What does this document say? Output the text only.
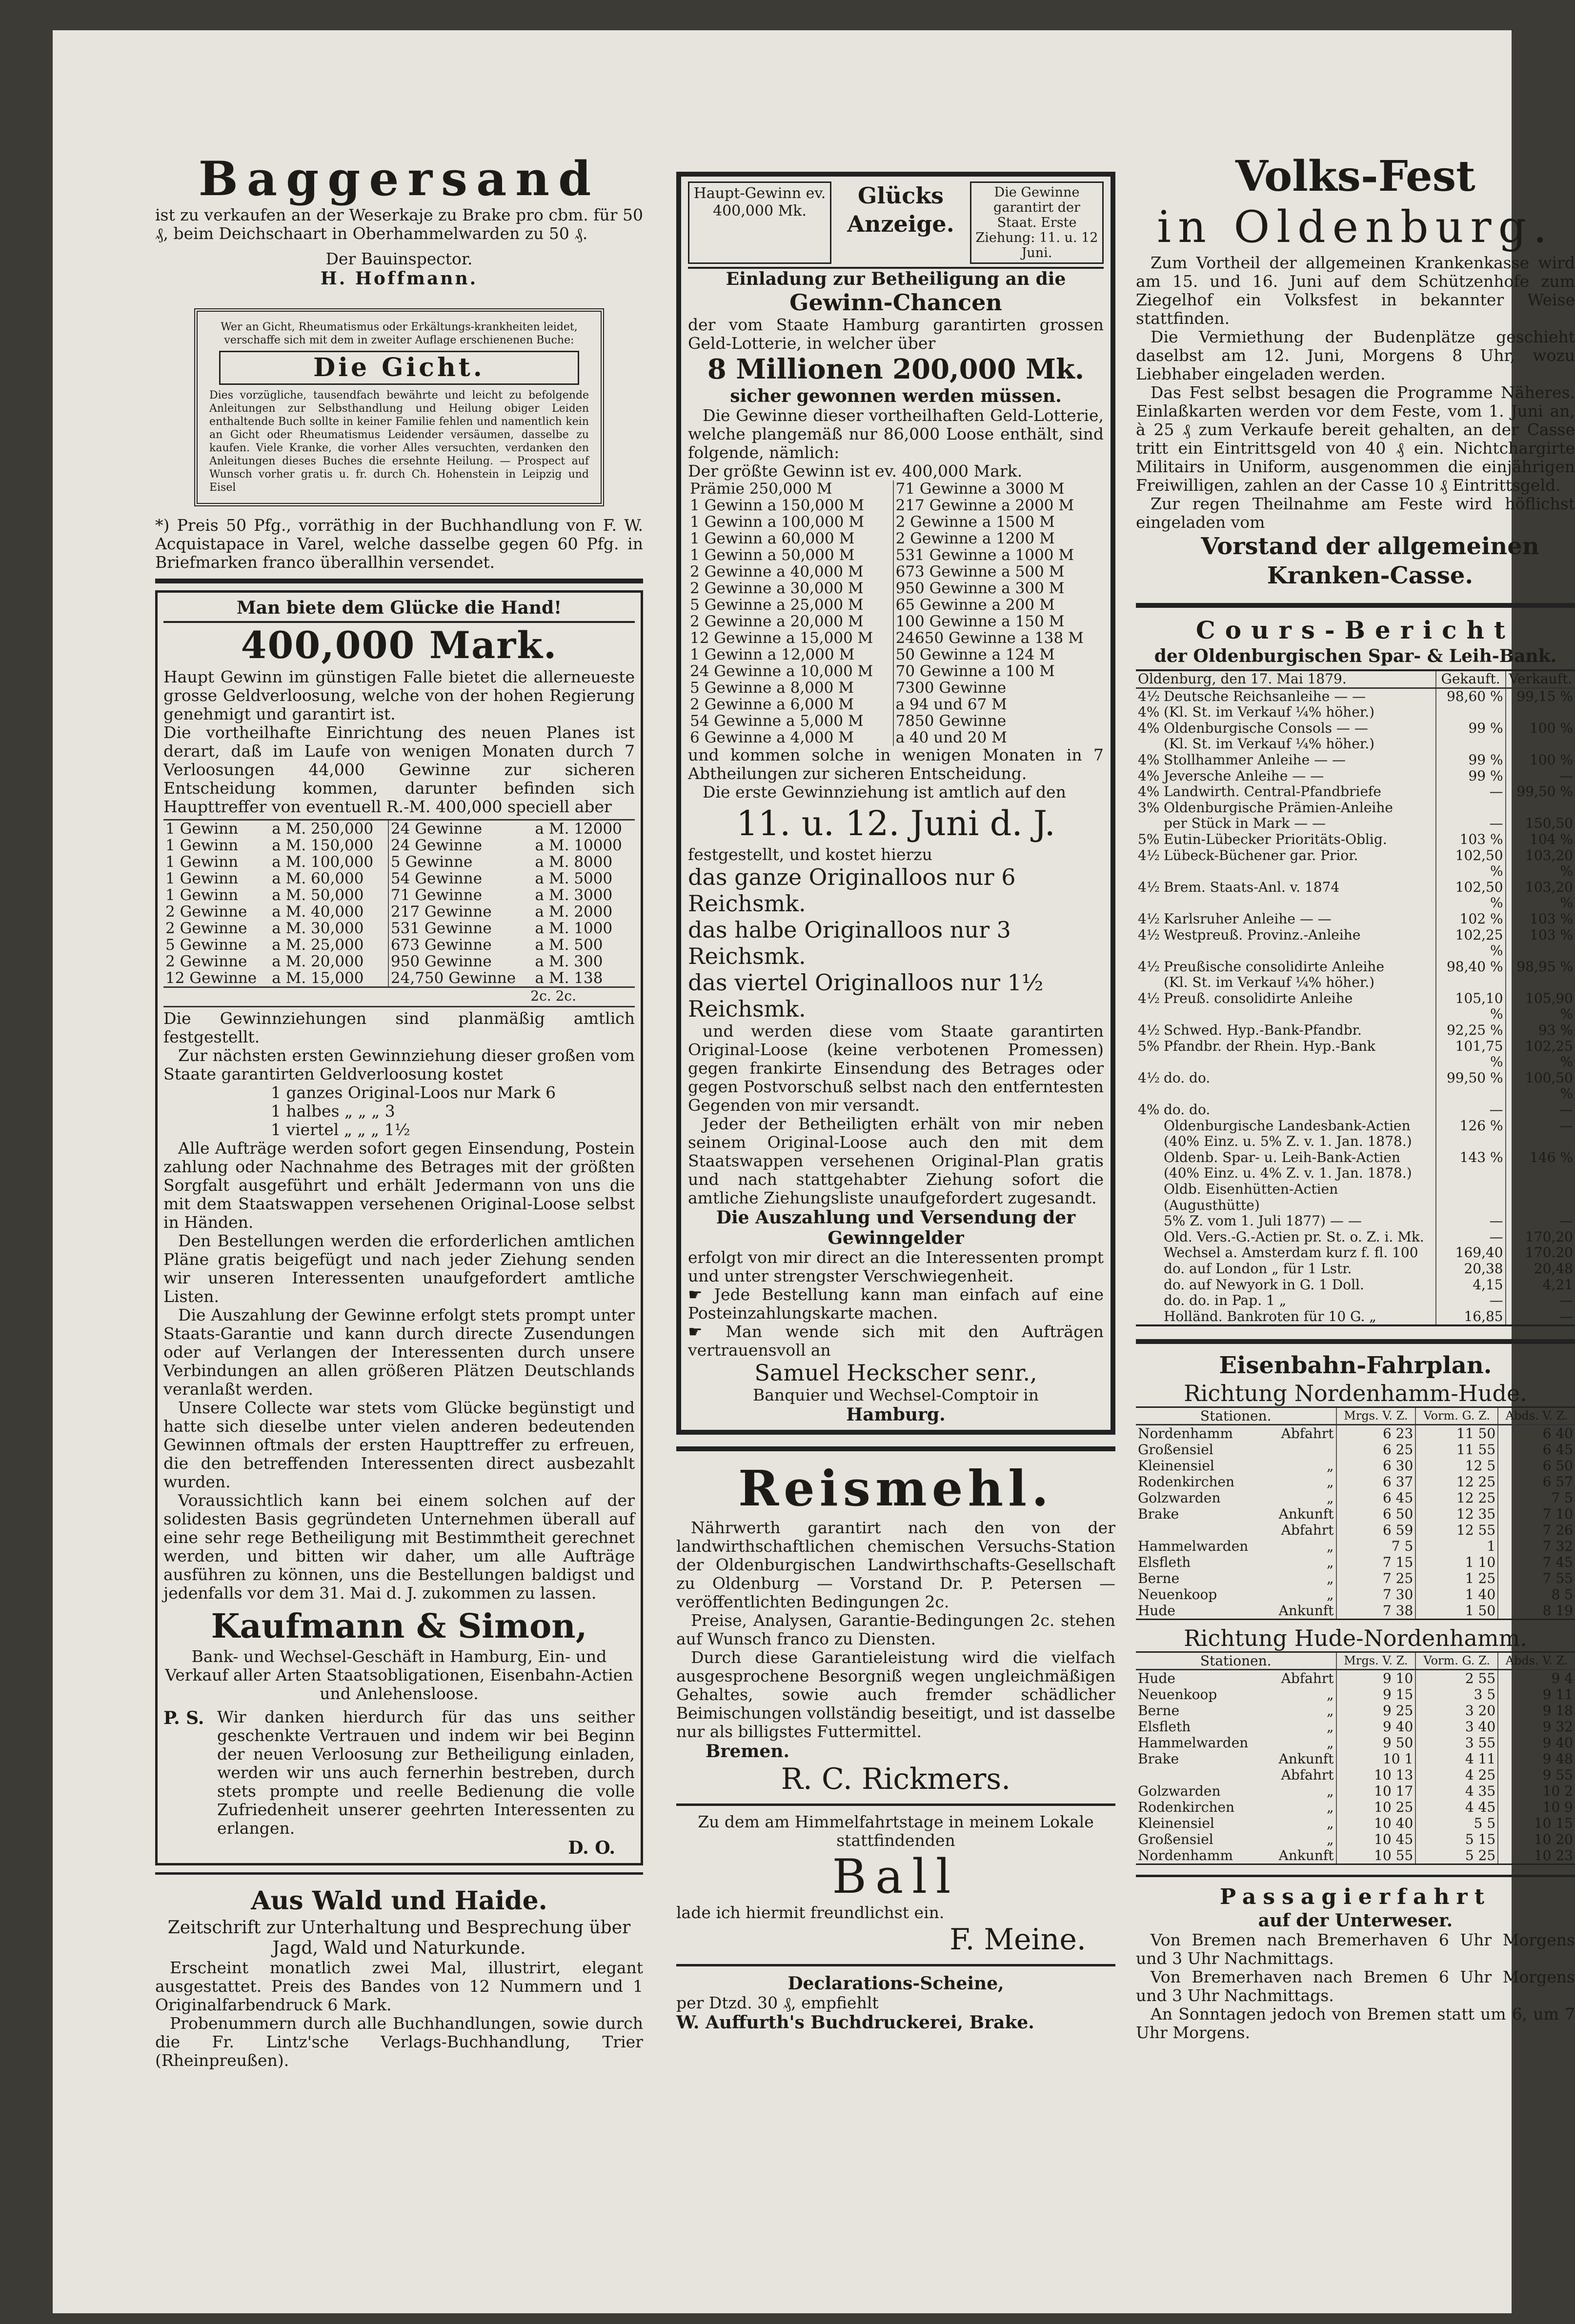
Baggersand

ist zu verkaufen an der Weserkaje zu Brake pro cbm. für 50 ₰, beim Deichschaart in Oberhammelwarden zu 50 ₰.

Der Bauinspector.

H. Hoffmann.

Wer an Gicht, Rheumatismus oder Erkältungs-krankheiten leidet, verschaffe sich mit dem in zweiter Auflage erschienenen Buche:

Die Gicht.

Dies vorzügliche, tausendfach bewährte und leicht zu befolgende Anleitungen zur Selbsthandlung und Heilung obiger Leiden enthaltende Buch sollte in keiner Familie fehlen und namentlich kein an Gicht oder Rheumatismus Leidender versäumen, dasselbe zu kaufen. Viele Kranke, die vorher Alles versuchten, verdanken den Anleitungen dieses Buches die ersehnte Heilung. — Prospect auf Wunsch vorher gratis u. fr. durch Ch. Hohenstein in Leipzig und Eisel

*) Preis 50 Pfg., vorräthig in der Buchhandlung von F. W. Acquistapace in Varel, welche dasselbe gegen 60 Pfg. in Briefmarken franco überallhin versendet.

Man biete dem Glücke die Hand!
400,000 Mark.

Haupt Gewinn im günstigen Falle bietet die allerneueste grosse Geldverloosung, welche von der hohen Regierung genehmigt und garantirt ist.

Die vortheilhafte Einrichtung des neuen Planes ist derart, daß im Laufe von wenigen Monaten durch 7 Verloosungen 44,000 Gewinne zur sicheren Entscheidung kommen, darunter befinden sich Haupttreffer von eventuell R.-M. 400,000 speciell aber

1 Gewinn	a M. 250,000	24 Gewinne	a M. 12000
1 Gewinn	a M. 150,000	24 Gewinne	a M. 10000
1 Gewinn	a M. 100,000	5 Gewinne	a M. 8000
1 Gewinn	a M. 60,000	54 Gewinne	a M. 5000
1 Gewinn	a M. 50,000	71 Gewinne	a M. 3000
2 Gewinne	a M. 40,000	217 Gewinne	a M. 2000
2 Gewinne	a M. 30,000	531 Gewinne	a M. 1000
5 Gewinne	a M. 25,000	673 Gewinne	a M. 500
2 Gewinne	a M. 20,000	950 Gewinne	a M. 300
12 Gewinne	a M. 15,000	24,750 Gewinne	a M. 138

2c. 2c.

Die Gewinnziehungen sind planmäßig amtlich festgestellt.

Zur nächsten ersten Gewinnziehung dieser großen vom Staate garantirten Geldverloosung kostet

1 ganzes Original-Loos nur Mark 6
1 halbes „ „ „ 3
1 viertel „ „ „ 1½

Alle Aufträge werden sofort gegen Einsendung, Postein zahlung oder Nachnahme des Betrages mit der größten Sorgfalt ausgeführt und erhält Jedermann von uns die mit dem Staatswappen versehenen Original-Loose selbst in Händen.

Den Bestellungen werden die erforderlichen amtlichen Pläne gratis beigefügt und nach jeder Ziehung senden wir unseren Interessenten unaufgefordert amtliche Listen.

Die Auszahlung der Gewinne erfolgt stets prompt unter Staats-Garantie und kann durch directe Zusendungen oder auf Verlangen der Interessenten durch unsere Verbindungen an allen größeren Plätzen Deutschlands veranlaßt werden.

Unsere Collecte war stets vom Glücke begünstigt und hatte sich dieselbe unter vielen anderen bedeutenden Gewinnen oftmals der ersten Haupttreffer zu erfreuen, die den betreffenden Interessenten direct ausbezahlt wurden.

Voraussichtlich kann bei einem solchen auf der solidesten Basis gegründeten Unternehmen überall auf eine sehr rege Betheiligung mit Bestimmtheit gerechnet werden, und bitten wir daher, um alle Aufträge ausführen zu können, uns die Bestellungen baldigst und jedenfalls vor dem 31. Mai d. J. zukommen zu lassen.

Kaufmann & Simon,

Bank- und Wechsel-Geschäft in Hamburg, Ein- und Verkauf aller Arten Staatsobligationen, Eisenbahn-Actien und Anlehensloose.

P. S. Wir danken hierdurch für das uns seither geschenkte Vertrauen und indem wir bei Beginn der neuen Verloosung zur Betheiligung einladen, werden wir uns auch fernerhin bestreben, durch stets prompte und reelle Bedienung die volle Zufriedenheit unserer geehrten Interessenten zu erlangen.

D. O.
Aus Wald und Haide.

Zeitschrift zur Unterhaltung und Besprechung über Jagd, Wald und Naturkunde.

Erscheint monatlich zwei Mal, illustrirt, elegant ausgestattet. Preis des Bandes von 12 Nummern und 1 Originalfarbendruck 6 Mark.

Probenummern durch alle Buchhandlungen, sowie durch die Fr. Lintz'sche Verlags-Buchhandlung, Trier (Rheinpreußen).

Haupt-Gewinn ev. 400,000 Mk.
Glücks
Anzeige.
Die Gewinne garantirt der Staat. Erste Ziehung: 11. u. 12 Juni.

Einladung zur Betheiligung an die

Gewinn-Chancen

der vom Staate Hamburg garantirten grossen Geld-Lotterie, in welcher über

8 Millionen 200,000 Mk.

sicher gewonnen werden müssen.

Die Gewinne dieser vortheilhaften Geld-Lotterie, welche plangemäß nur 86,000 Loose enthält, sind folgende, nämlich:

Der größte Gewinn ist ev. 400,000 Mark.

Prämie 250,000 M	71 Gewinne a 3000 M
1 Gewinn a 150,000 M	217 Gewinne a 2000 M
1 Gewinn a 100,000 M	2 Gewinne a 1500 M
1 Gewinn a 60,000 M	2 Gewinne a 1200 M
1 Gewinn a 50,000 M	531 Gewinne a 1000 M
2 Gewinne a 40,000 M	673 Gewinne a 500 M
2 Gewinne a 30,000 M	950 Gewinne a 300 M
5 Gewinne a 25,000 M	65 Gewinne a 200 M
2 Gewinne a 20,000 M	100 Gewinne a 150 M
12 Gewinne a 15,000 M	24650 Gewinne a 138 M
1 Gewinn a 12,000 M	50 Gewinne a 124 M
24 Gewinne a 10,000 M	70 Gewinne a 100 M
5 Gewinne a 8,000 M	7300 Gewinne
2 Gewinne a 6,000 M	a 94 und 67 M
54 Gewinne a 5,000 M	7850 Gewinne
6 Gewinne a 4,000 M	a 40 und 20 M

und kommen solche in wenigen Monaten in 7 Abtheilungen zur sicheren Entscheidung.

Die erste Gewinnziehung ist amtlich auf den

11. u. 12. Juni d. J.

festgestellt, und kostet hierzu

das ganze Originalloos nur 6 Reichsmk.
das halbe Originalloos nur 3 Reichsmk.
das viertel Originalloos nur 1½ Reichsmk.

und werden diese vom Staate garantirten Original-Loose (keine verbotenen Promessen) gegen frankirte Einsendung des Betrages oder gegen Postvorschuß selbst nach den entferntesten Gegenden von mir versandt.

Jeder der Betheiligten erhält von mir neben seinem Original-Loose auch den mit dem Staatswappen versehenen Original-Plan gratis und nach stattgehabter Ziehung sofort die amtliche Ziehungsliste unaufgefordert zugesandt.

Die Auszahlung und Versendung der Gewinngelder

erfolgt von mir direct an die Interessenten prompt und unter strengster Verschwiegenheit.

☛ Jede Bestellung kann man einfach auf eine Posteinzahlungskarte machen.

☛ Man wende sich mit den Aufträgen vertrauensvoll an

Samuel Heckscher senr.,

Banquier und Wechsel-Comptoir in

Hamburg.

Reismehl.

Nährwerth garantirt nach den von der landwirthschaftlichen chemischen Versuchs-Station der Oldenburgischen Landwirthschafts-Gesellschaft zu Oldenburg — Vorstand Dr. P. Petersen — veröffentlichten Bedingungen 2c.

Preise, Analysen, Garantie-Bedingungen 2c. stehen auf Wunsch franco zu Diensten.

Durch diese Garantieleistung wird die vielfach ausgesprochene Besorgniß wegen ungleichmäßigen Gehaltes, sowie auch fremder schädlicher Beimischungen vollständig beseitigt, und ist dasselbe nur als billigstes Futtermittel.

Bremen.

R. C. Rickmers.

Zu dem am Himmelfahrtstage in meinem Lokale stattfindenden

Ball

lade ich hiermit freundlichst ein.

F. Meine.

Declarations-Scheine,

per Dtzd. 30 ₰, empfiehlt

W. Auffurth's Buchdruckerei, Brake.

Volks-Fest

in Oldenburg.

Zum Vortheil der allgemeinen Krankenkasse wird am 15. und 16. Juni auf dem Schützenhofe zum Ziegelhof ein Volksfest in bekannter Weise stattfinden.

Die Vermiethung der Budenplätze geschieht daselbst am 12. Juni, Morgens 8 Uhr, wozu Liebhaber eingeladen werden.

Das Fest selbst besagen die Programme Näheres. Einlaßkarten werden vor dem Feste, vom 1. Juni an, à 25 ₰ zum Verkaufe bereit gehalten, an der Casse tritt ein Eintrittsgeld von 40 ₰ ein. Nichtchargirte Militairs in Uniform, ausgenommen die einjährigen Freiwilligen, zahlen an der Casse 10 ₰ Eintrittsgeld.

Zur regen Theilnahme am Feste wird höflichst eingeladen vom

Vorstand der allgemeinen Kranken-Casse.

Cours-Bericht

der Oldenburgischen Spar- & Leih-Bank.

Oldenburg, den 17. Mai 1879.		Gekauft.	Verkauft.
4½	Deutsche Reichsanleihe — —	98,60 %	99,15 %
4%	(Kl. St. im Verkauf ¼% höher.)		
4%	Oldenburgische Consols — —	99 %	100 %
	(Kl. St. im Verkauf ¼% höher.)		
4%	Stollhammer Anleihe — —	99 %	100 %
4%	Jeversche Anleihe — —	99 %	—
4%	Landwirth. Central-Pfandbriefe	—	99,50 %
3%	Oldenburgische Prämien-Anleihe		
	per Stück in Mark — —	—	150,50
5%	Eutin-Lübecker Prioritäts-Oblig.	103 %	104 %
4½	Lübeck-Büchener gar. Prior.	102,50 %	103,20 %
4½	Brem. Staats-Anl. v. 1874	102,50 %	103,20 %
4½	Karlsruher Anleihe — —	102 %	103 %
4½	Westpreuß. Provinz.-Anleihe	102,25 %	103 %
4½	Preußische consolidirte Anleihe	98,40 %	98,95 %
	(Kl. St. im Verkauf ¼% höher.)		
4½	Preuß. consolidirte Anleihe	105,10 %	105,90 %
4½	Schwed. Hyp.-Bank-Pfandbr.	92,25 %	93 %
5%	Pfandbr. der Rhein. Hyp.-Bank	101,75 %	102,25 %
4½	do. do.	99,50 %	100,50 %
4%	do. do.	—	—
	Oldenburgische Landesbank-Actien	126 %	—
	(40% Einz. u. 5% Z. v. 1. Jan. 1878.)		
	Oldenb. Spar- u. Leih-Bank-Actien	143 %	146 %
	(40% Einz. u. 4% Z. v. 1. Jan. 1878.)		
	Oldb. Eisenhütten-Actien (Augusthütte)		
	5% Z. vom 1. Juli 1877) — —	—	—
	Old. Vers.-G.-Actien pr. St. o. Z. i. Mk.	—	170,20
	Wechsel a. Amsterdam kurz f. fl. 100	169,40	170.20
	do. auf London „ für 1 Lstr.	20,38	20,48
	do. auf Newyork in G. 1 Doll.	4,15	4,21
	do. do. in Pap. 1 „	—	—
	Holländ. Bankroten für 10 G. „	16,85	—

Eisenbahn-Fahrplan.

Richtung Nordenhamm-Hude.

Stationen.		Mrgs. V. Z.	Vorm. G. Z.	Abds. V. Z.
Nordenhamm	Abfahrt	6 23	11 50	6 40
Großensiel		6 25	11 55	6 45
Kleinensiel	„	6 30	12 5	6 50
Rodenkirchen	„	6 37	12 25	6 57
Golzwarden	„	6 45	12 25	7 5
Brake	Ankunft	6 50	12 35	7 10
	Abfahrt	6 59	12 55	7 26
Hammelwarden	„	7 5	1	7 32
Elsfleth	„	7 15	1 10	7 45
Berne	„	7 25	1 25	7 55
Neuenkoop	„	7 30	1 40	8 5
Hude	Ankunft	7 38	1 50	8 19

Richtung Hude-Nordenhamm.

Stationen.		Mrgs. V. Z.	Vorm. G. Z.	Abds. V. Z.
Hude	Abfahrt	9 10	2 55	9 4
Neuenkoop	„	9 15	3 5	9 11
Berne	„	9 25	3 20	9 18
Elsfleth	„	9 40	3 40	9 32
Hammelwarden	„	9 50	3 55	9 40
Brake	Ankunft	10 1	4 11	9 48
	Abfahrt	10 13	4 25	9 55
Golzwarden	„	10 17	4 35	10 2
Rodenkirchen	„	10 25	4 45	10 9
Kleinensiel	„	10 40	5 5	10 15
Großensiel	„	10 45	5 15	10 20
Nordenhamm	Ankunft	10 55	5 25	10 23

Passagierfahrt

auf der Unterweser.

Von Bremen nach Bremerhaven 6 Uhr Morgens und 3 Uhr Nachmittags.

Von Bremerhaven nach Bremen 6 Uhr Morgens und 3 Uhr Nachmittags.

An Sonntagen jedoch von Bremen statt um 6, um 7 Uhr Morgens.
